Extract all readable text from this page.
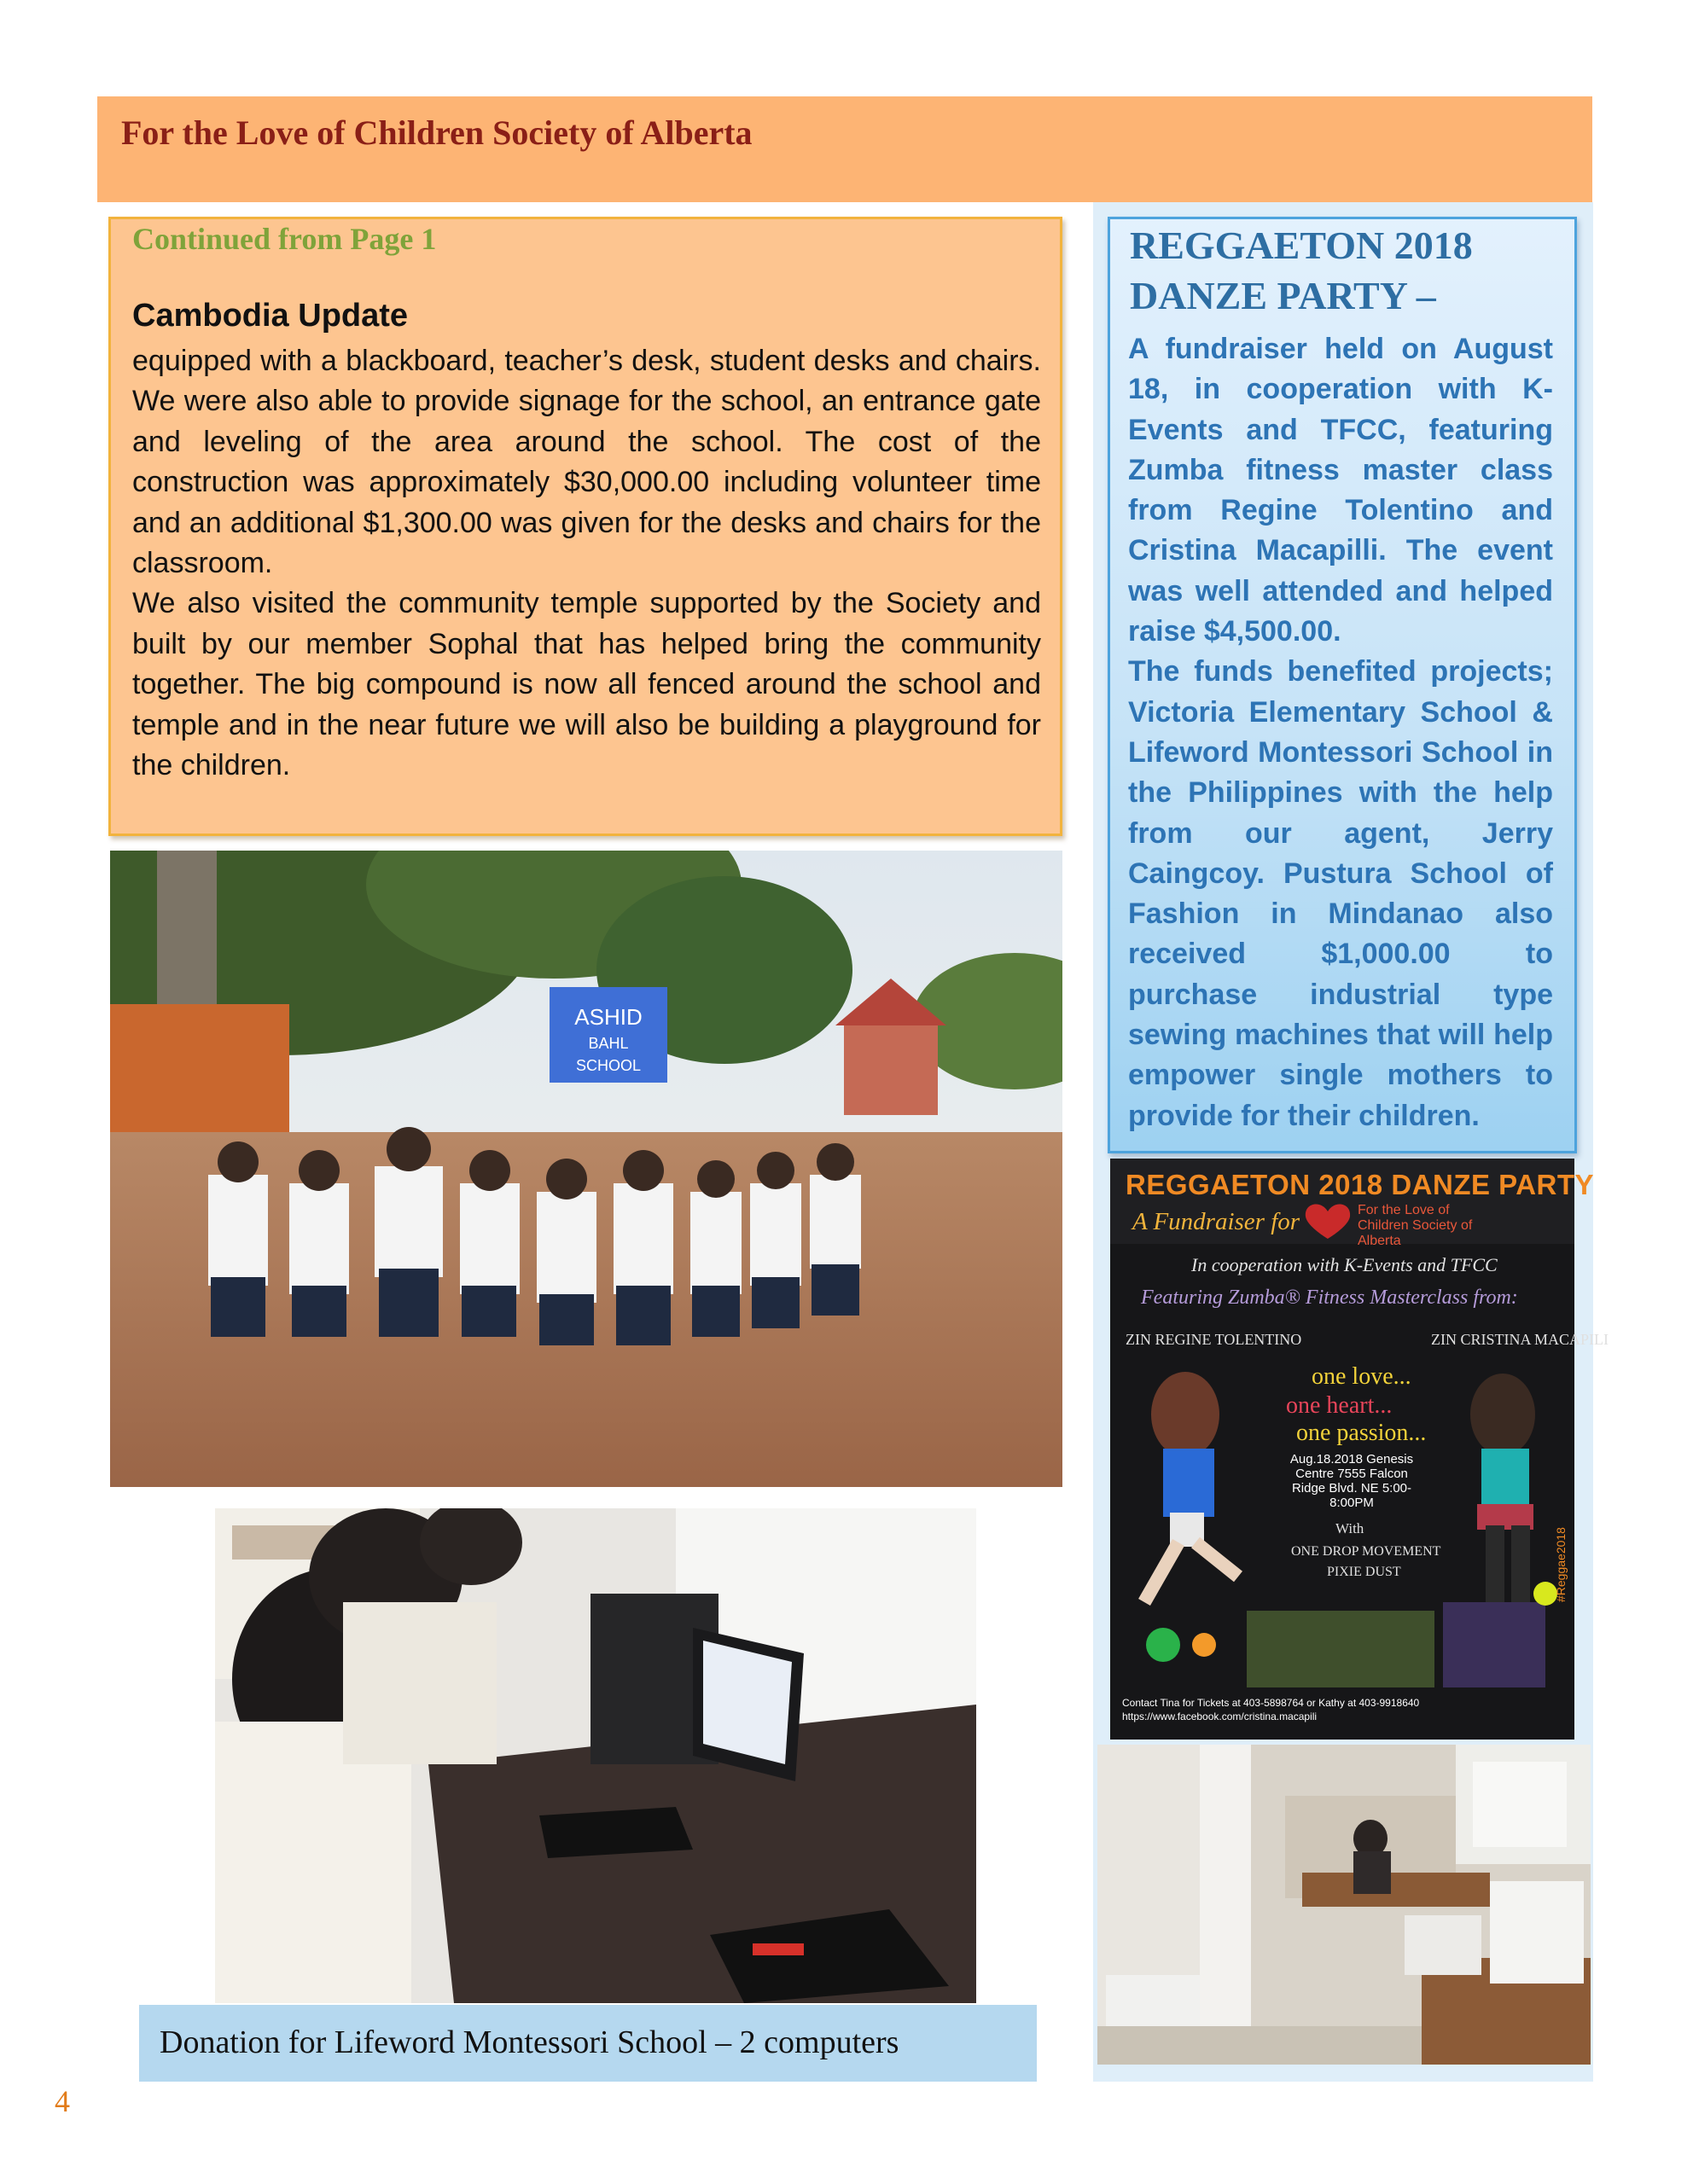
For the Love of Children Society of Alberta
Continued from Page 1
Cambodia Update

equipped with a blackboard, teacher’s desk, student desks and chairs. We were also able to provide signage for the school, an entrance gate and leveling of the area around the school. The cost of the construction was approximately $30,000.00 including volunteer time and an additional $1,300.00 was given for the desks and chairs for the classroom.

We also visited the community temple supported by the Society and built by our member Sophal that has helped bring the community together. The big compound is now all fenced around the school and temple and in the near future we will also be building a playground for the children.

ASHID
BAHL
SCHOOL
Donation for Lifeword Montessori School – 2 computers
REGGAETON 2018 DANZE PARTY –

A fundraiser held on August 18, in cooperation with K-Events and TFCC, featuring Zumba fitness master class from Regine Tolentino and Cristina Macapilli. The event was well attended and helped raise $4,500.00.

The funds benefited projects; Victoria Elementary School & Lifeword Montessori School in the Philippines with the help from our agent, Jerry Caingcoy. Pustura School of Fashion in Mindanao also received $1,000.00 to purchase industrial type sewing machines that will help empower single mothers to provide for their children.

REGGAETON 2018 DANZE PARTY
A Fundraiser for	For the Love of Children Society of Alberta
In cooperation with K-Events and TFCC
Featuring Zumba® Fitness Masterclass from:
ZIN REGINE TOLENTINO	ZIN CRISTINA MACAPILI
one love...
one heart...
one passion...
Aug.18.2018 Genesis Centre 7555 Falcon Ridge Blvd. NE 5:00-8:00PM
With
ONE DROP MOVEMENT
PIXIE DUST	#Reggae2018
Contact Tina for Tickets at 403-5898764 or Kathy at 403-9918640 https://www.facebook.com/cristina.macapili
4
